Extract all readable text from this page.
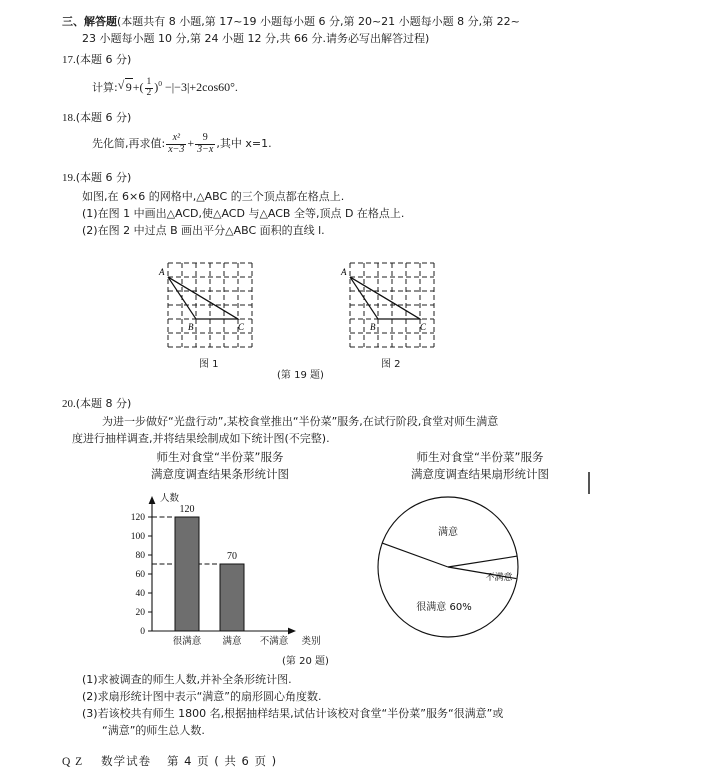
三、解答题(本题共有 8 小题,第 17~19 小题每小题 6 分,第 20~21 小题每小题 8 分,第 22~
23 小题每小题 10 分,第 24 小题 12 分,共 66 分.请务必写出解答过程)
17.(本题 6 分)
计算: √ $9+( \frac{1}{2} )^0 -|-3|+2\cos 60^\circ$.
18.(本题 6 分)
先化简,再求值: $\frac{\text{x²}}{x-3} + \frac{9}{3-x}$ ,其中 x=1.
19.(本题 6 分)
如图,在 6×6 的网格中,△ABC 的三个顶点都在格点上.
(1)在图 1 中画出△ACD,使△ACD 与△ACB 全等,顶点 D 在格点上.
(2)在图 2 中过点 B 画出平分△ABC 面积的直线 l.
A
B	C
图 1
A
B	C
图 2
(第 19 题)
20.(本题 8 分)
为进一步做好“光盘行动”,某校食堂推出“半份菜”服务,在试行阶段,食堂对师生满意
度进行抽样调查,并将结果绘制成如下统计图(不完整).
师生对食堂“半份菜”服务
满意度调查结果条形统计图
师生对食堂“半份菜”服务
满意度调查结果扇形统计图
0
20
40
60
80
100
120
120
70
很满意 满意 不满意 类别
人数
满意
不满意
很满意 60%
(第 20 题)
(1)求被调查的师生人数,并补全条形统计图.
(2)求扇形统计图中表示“满意”的扇形圆心角度数.
(3)若该校共有师生 1800 名,根据抽样结果,试估计该校对食堂“半份菜”服务“很满意”或
“满意”的师生总人数.
Q Z 数学试卷 第 4 页 ( 共 6 页 )
